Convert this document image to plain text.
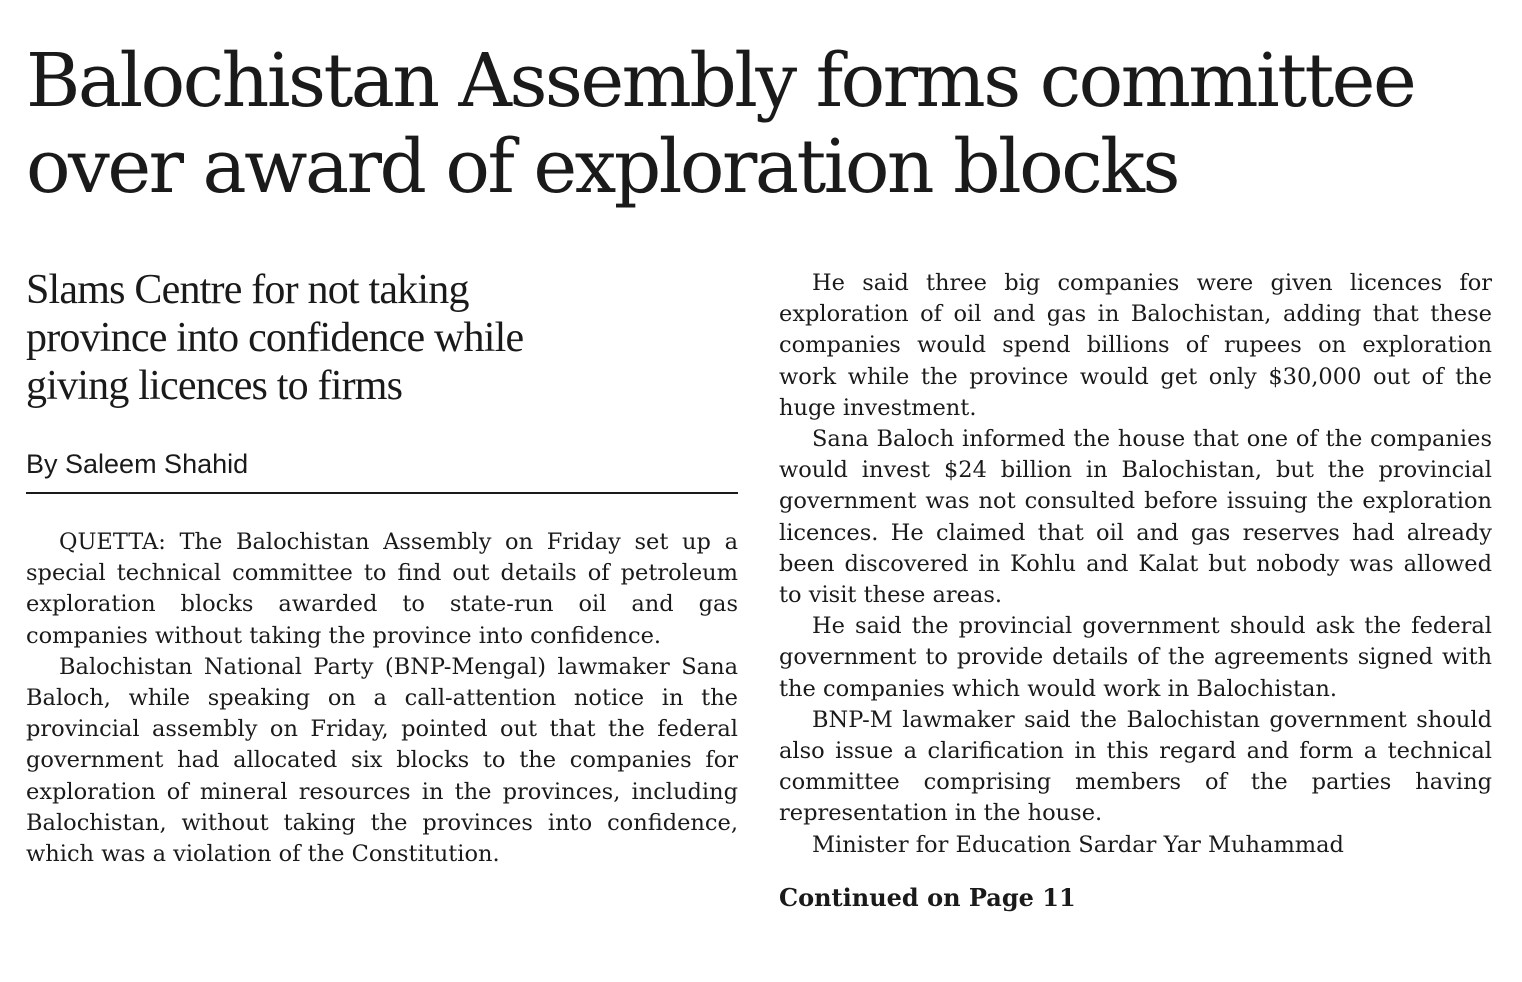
Balochistan Assembly forms committee
over award of exploration blocks
Slams Centre for not taking
province into confidence while
giving licences to firms
By Saleem Shahid

QUETTA: The Balochistan Assembly on Friday set up a special technical committee to find out details of petroleum exploration blocks awarded to state-run oil and gas companies without taking the province into confidence.

Balochistan National Party (BNP-Mengal) lawmaker Sana Baloch, while speaking on a call-attention notice in the provincial assembly on Friday, pointed out that the federal government had allocated six blocks to the companies for exploration of mineral resources in the provinces, including Balochistan, without taking the provinces into confidence, which was a violation of the Constitution.

He said three big companies were given licences for exploration of oil and gas in Balochistan, adding that these companies would spend billions of rupees on exploration work while the province would get only $30,000 out of the huge investment.

Sana Baloch informed the house that one of the companies would invest $24 billion in Balochistan, but the provincial government was not consulted before issuing the exploration licences. He claimed that oil and gas reserves had already been discovered in Kohlu and Kalat but nobody was allowed to visit these areas.

He said the provincial government should ask the federal government to provide details of the agreements signed with the companies which would work in Balochistan.

BNP-M lawmaker said the Balochistan government should also issue a clarification in this regard and form a technical committee comprising members of the parties having representation in the house.

Minister for Education Sardar Yar Muhammad

Continued on Page 11
